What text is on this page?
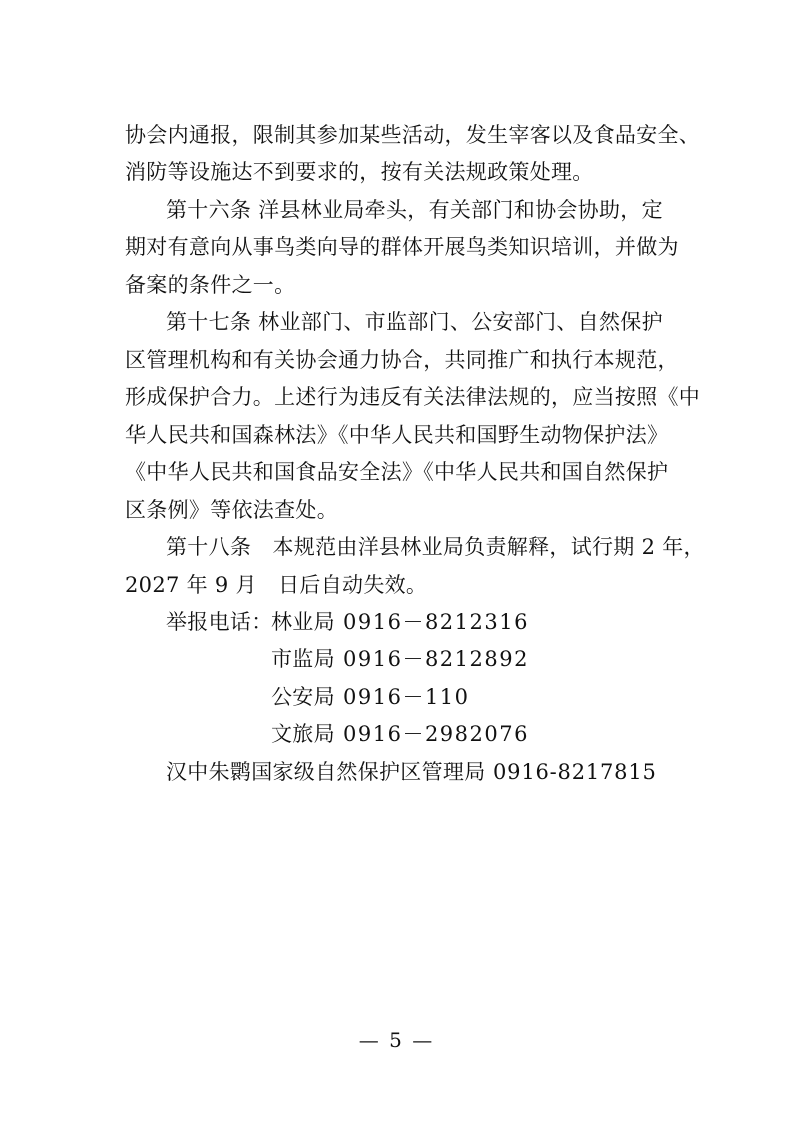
协会内通报，限制其参加某些活动，发生宰客以及食品安全、
消防等设施达不到要求的，按有关法规政策处理。
第十六条 洋县林业局牵头，有关部门和协会协助，定
期对有意向从事鸟类向导的群体开展鸟类知识培训，并做为
备案的条件之一。
第十七条 林业部门、市监部门、公安部门、自然保护
区管理机构和有关协会通力协合，共同推广和执行本规范，
形成保护合力。上述行为违反有关法律法规的，应当按照《中
华人民共和国森林法》《中华人民共和国野生动物保护法》
《中华人民共和国食品安全法》《中华人民共和国自然保护
区条例》等依法查处。
第十八条　本规范由洋县林业局负责解释，试行期 2 年，
2027 年 9 月　日后自动失效。
举报电话：
林业局 0916－8212316
市监局 0916－8212892
公安局 0916－110
文旅局 0916－2982076
汉中朱鹮国家级自然保护区管理局 0916-8217815
— 5 —
